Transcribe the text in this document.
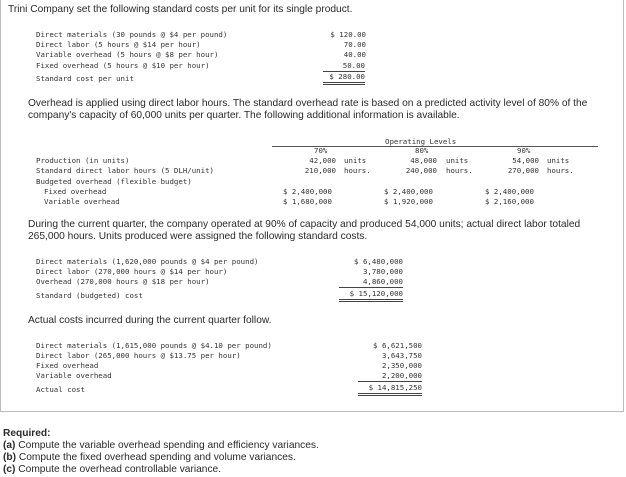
Trini Company set the following standard costs per unit for its single product.
Direct materials (30 pounds @ $4 per pound)	$ 120.00
Direct labor (5 hours @ $14 per hour)	70.00
Variable overhead (5 hours @ $8 per hour)	40.00
Fixed overhead (5 hours @ $10 per hour)	50.00
Standard cost per unit	$ 280.00
Overhead is applied using direct labor hours. The standard overhead rate is based on a predicted activity level of 80% of the company's capacity of 60,000 units per quarter. The following additional information is available.
Operating Levels
70%	80%	90%
Production (in units)	42,000 units	48,000 units	54,000 units
Standard direct labor hours (5 DLH/unit)	210,000 hours.	240,000 hours.	270,000 hours.
Budgeted overhead (flexible budget)
Fixed overhead	$ 2,400,000	$ 2,400,000	$ 2,400,000
Variable overhead	$ 1,680,000	$ 1,920,000	$ 2,160,000
During the current quarter, the company operated at 90% of capacity and produced 54,000 units; actual direct labor totaled 265,000 hours. Units produced were assigned the following standard costs.
Direct materials (1,620,000 pounds @ $4 per pound)	$ 6,480,000
Direct labor (270,000 hours @ $14 per hour)	3,780,000
Overhead (270,000 hours @ $18 per hour)	4,860,000
Standard (budgeted) cost	$ 15,120,000
Actual costs incurred during the current quarter follow.
Direct materials (1,615,000 pounds @ $4.10 per pound)	$ 6,621,500
Direct labor (265,000 hours @ $13.75 per hour)	3,643,750
Fixed overhead	2,350,000
Variable overhead	2,200,000
Actual cost	$ 14,815,250
Required:
(a) Compute the variable overhead spending and efficiency variances.
(b) Compute the fixed overhead spending and volume variances.
(c) Compute the overhead controllable variance.
